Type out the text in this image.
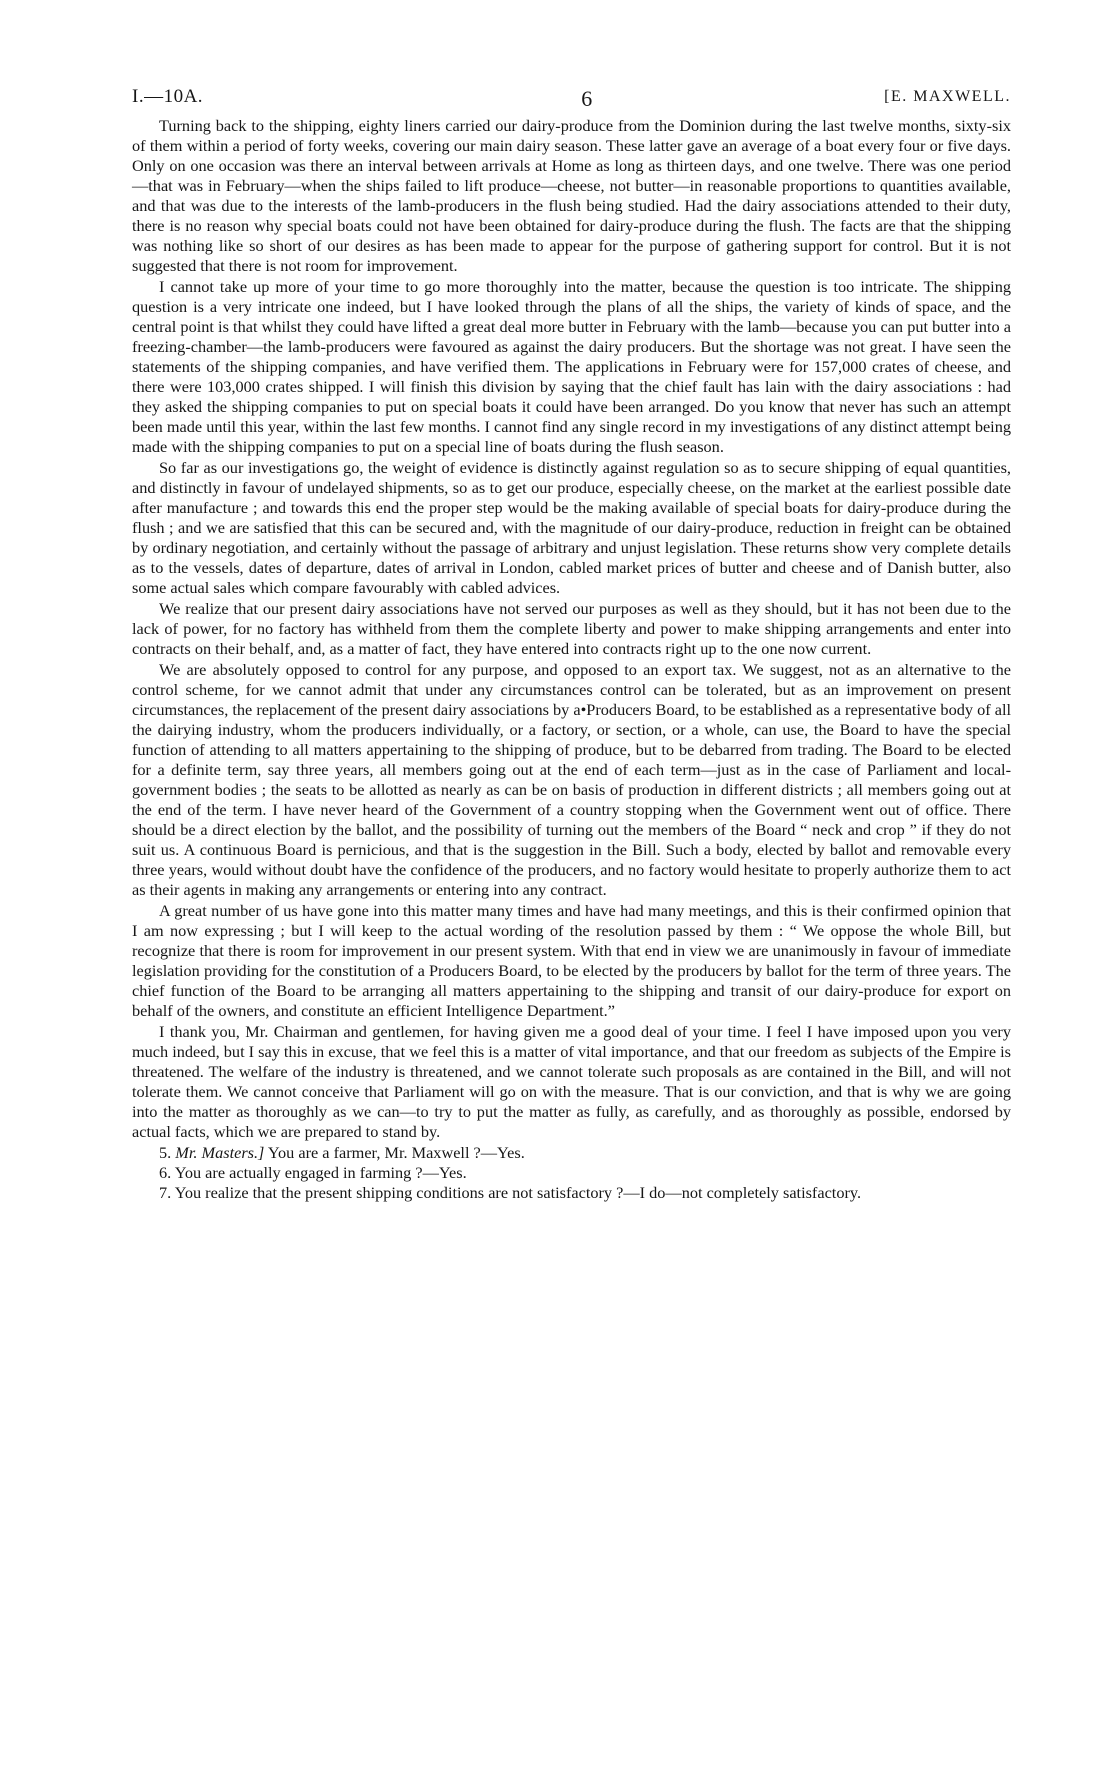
I.—10A.	6	[E. MAXWELL.

Turning back to the shipping, eighty liners carried our dairy-produce from the Dominion during the last twelve months, sixty-six of them within a period of forty weeks, covering our main dairy season. These latter gave an average of a boat every four or five days. Only on one occasion was there an interval between arrivals at Home as long as thirteen days, and one twelve. There was one period—that was in February—when the ships failed to lift produce—cheese, not butter—in reasonable proportions to quantities available, and that was due to the interests of the lamb-producers in the flush being studied. Had the dairy associations attended to their duty, there is no reason why special boats could not have been obtained for dairy-produce during the flush. The facts are that the shipping was nothing like so short of our desires as has been made to appear for the purpose of gathering support for control. But it is not suggested that there is not room for improvement.

I cannot take up more of your time to go more thoroughly into the matter, because the question is too intricate. The shipping question is a very intricate one indeed, but I have looked through the plans of all the ships, the variety of kinds of space, and the central point is that whilst they could have lifted a great deal more butter in February with the lamb—because you can put butter into a freezing-chamber—the lamb-producers were favoured as against the dairy producers. But the shortage was not great. I have seen the statements of the shipping companies, and have verified them. The applications in February were for 157,000 crates of cheese, and there were 103,000 crates shipped. I will finish this division by saying that the chief fault has lain with the dairy associations : had they asked the shipping companies to put on special boats it could have been arranged. Do you know that never has such an attempt been made until this year, within the last few months. I cannot find any single record in my investigations of any distinct attempt being made with the shipping companies to put on a special line of boats during the flush season.

So far as our investigations go, the weight of evidence is distinctly against regulation so as to secure shipping of equal quantities, and distinctly in favour of undelayed shipments, so as to get our produce, especially cheese, on the market at the earliest possible date after manufacture ; and towards this end the proper step would be the making available of special boats for dairy-produce during the flush ; and we are satisfied that this can be secured and, with the magnitude of our dairy-produce, reduction in freight can be obtained by ordinary negotiation, and certainly without the passage of arbitrary and unjust legislation. These returns show very complete details as to the vessels, dates of departure, dates of arrival in London, cabled market prices of butter and cheese and of Danish butter, also some actual sales which compare favourably with cabled advices.

We realize that our present dairy associations have not served our purposes as well as they should, but it has not been due to the lack of power, for no factory has withheld from them the complete liberty and power to make shipping arrangements and enter into contracts on their behalf, and, as a matter of fact, they have entered into contracts right up to the one now current.

We are absolutely opposed to control for any purpose, and opposed to an export tax. We suggest, not as an alternative to the control scheme, for we cannot admit that under any circumstances control can be tolerated, but as an improvement on present circumstances, the replacement of the present dairy associations by a•Producers Board, to be established as a representative body of all the dairying industry, whom the producers individually, or a factory, or section, or a whole, can use, the Board to have the special function of attending to all matters appertaining to the shipping of produce, but to be debarred from trading. The Board to be elected for a definite term, say three years, all members going out at the end of each term—just as in the case of Parliament and local-government bodies ; the seats to be allotted as nearly as can be on basis of production in different districts ; all members going out at the end of the term. I have never heard of the Government of a country stopping when the Government went out of office. There should be a direct election by the ballot, and the possibility of turning out the members of the Board “ neck and crop ” if they do not suit us. A continuous Board is pernicious, and that is the suggestion in the Bill. Such a body, elected by ballot and removable every three years, would without doubt have the confidence of the producers, and no factory would hesitate to properly authorize them to act as their agents in making any arrangements or entering into any contract.

A great number of us have gone into this matter many times and have had many meetings, and this is their confirmed opinion that I am now expressing ; but I will keep to the actual wording of the resolution passed by them : “ We oppose the whole Bill, but recognize that there is room for improvement in our present system. With that end in view we are unanimously in favour of immediate legislation providing for the constitution of a Producers Board, to be elected by the producers by ballot for the term of three years. The chief function of the Board to be arranging all matters appertaining to the shipping and transit of our dairy-produce for export on behalf of the owners, and constitute an efficient Intelligence Department.”

I thank you, Mr. Chairman and gentlemen, for having given me a good deal of your time. I feel I have imposed upon you very much indeed, but I say this in excuse, that we feel this is a matter of vital importance, and that our freedom as subjects of the Empire is threatened. The welfare of the industry is threatened, and we cannot tolerate such proposals as are contained in the Bill, and will not tolerate them. We cannot conceive that Parliament will go on with the measure. That is our conviction, and that is why we are going into the matter as thoroughly as we can—to try to put the matter as fully, as carefully, and as thoroughly as possible, endorsed by actual facts, which we are prepared to stand by.

5. Mr. Masters.] You are a farmer, Mr. Maxwell ?—Yes.

6. You are actually engaged in farming ?—Yes.

7. You realize that the present shipping conditions are not satisfactory ?—I do—not completely satisfactory.
